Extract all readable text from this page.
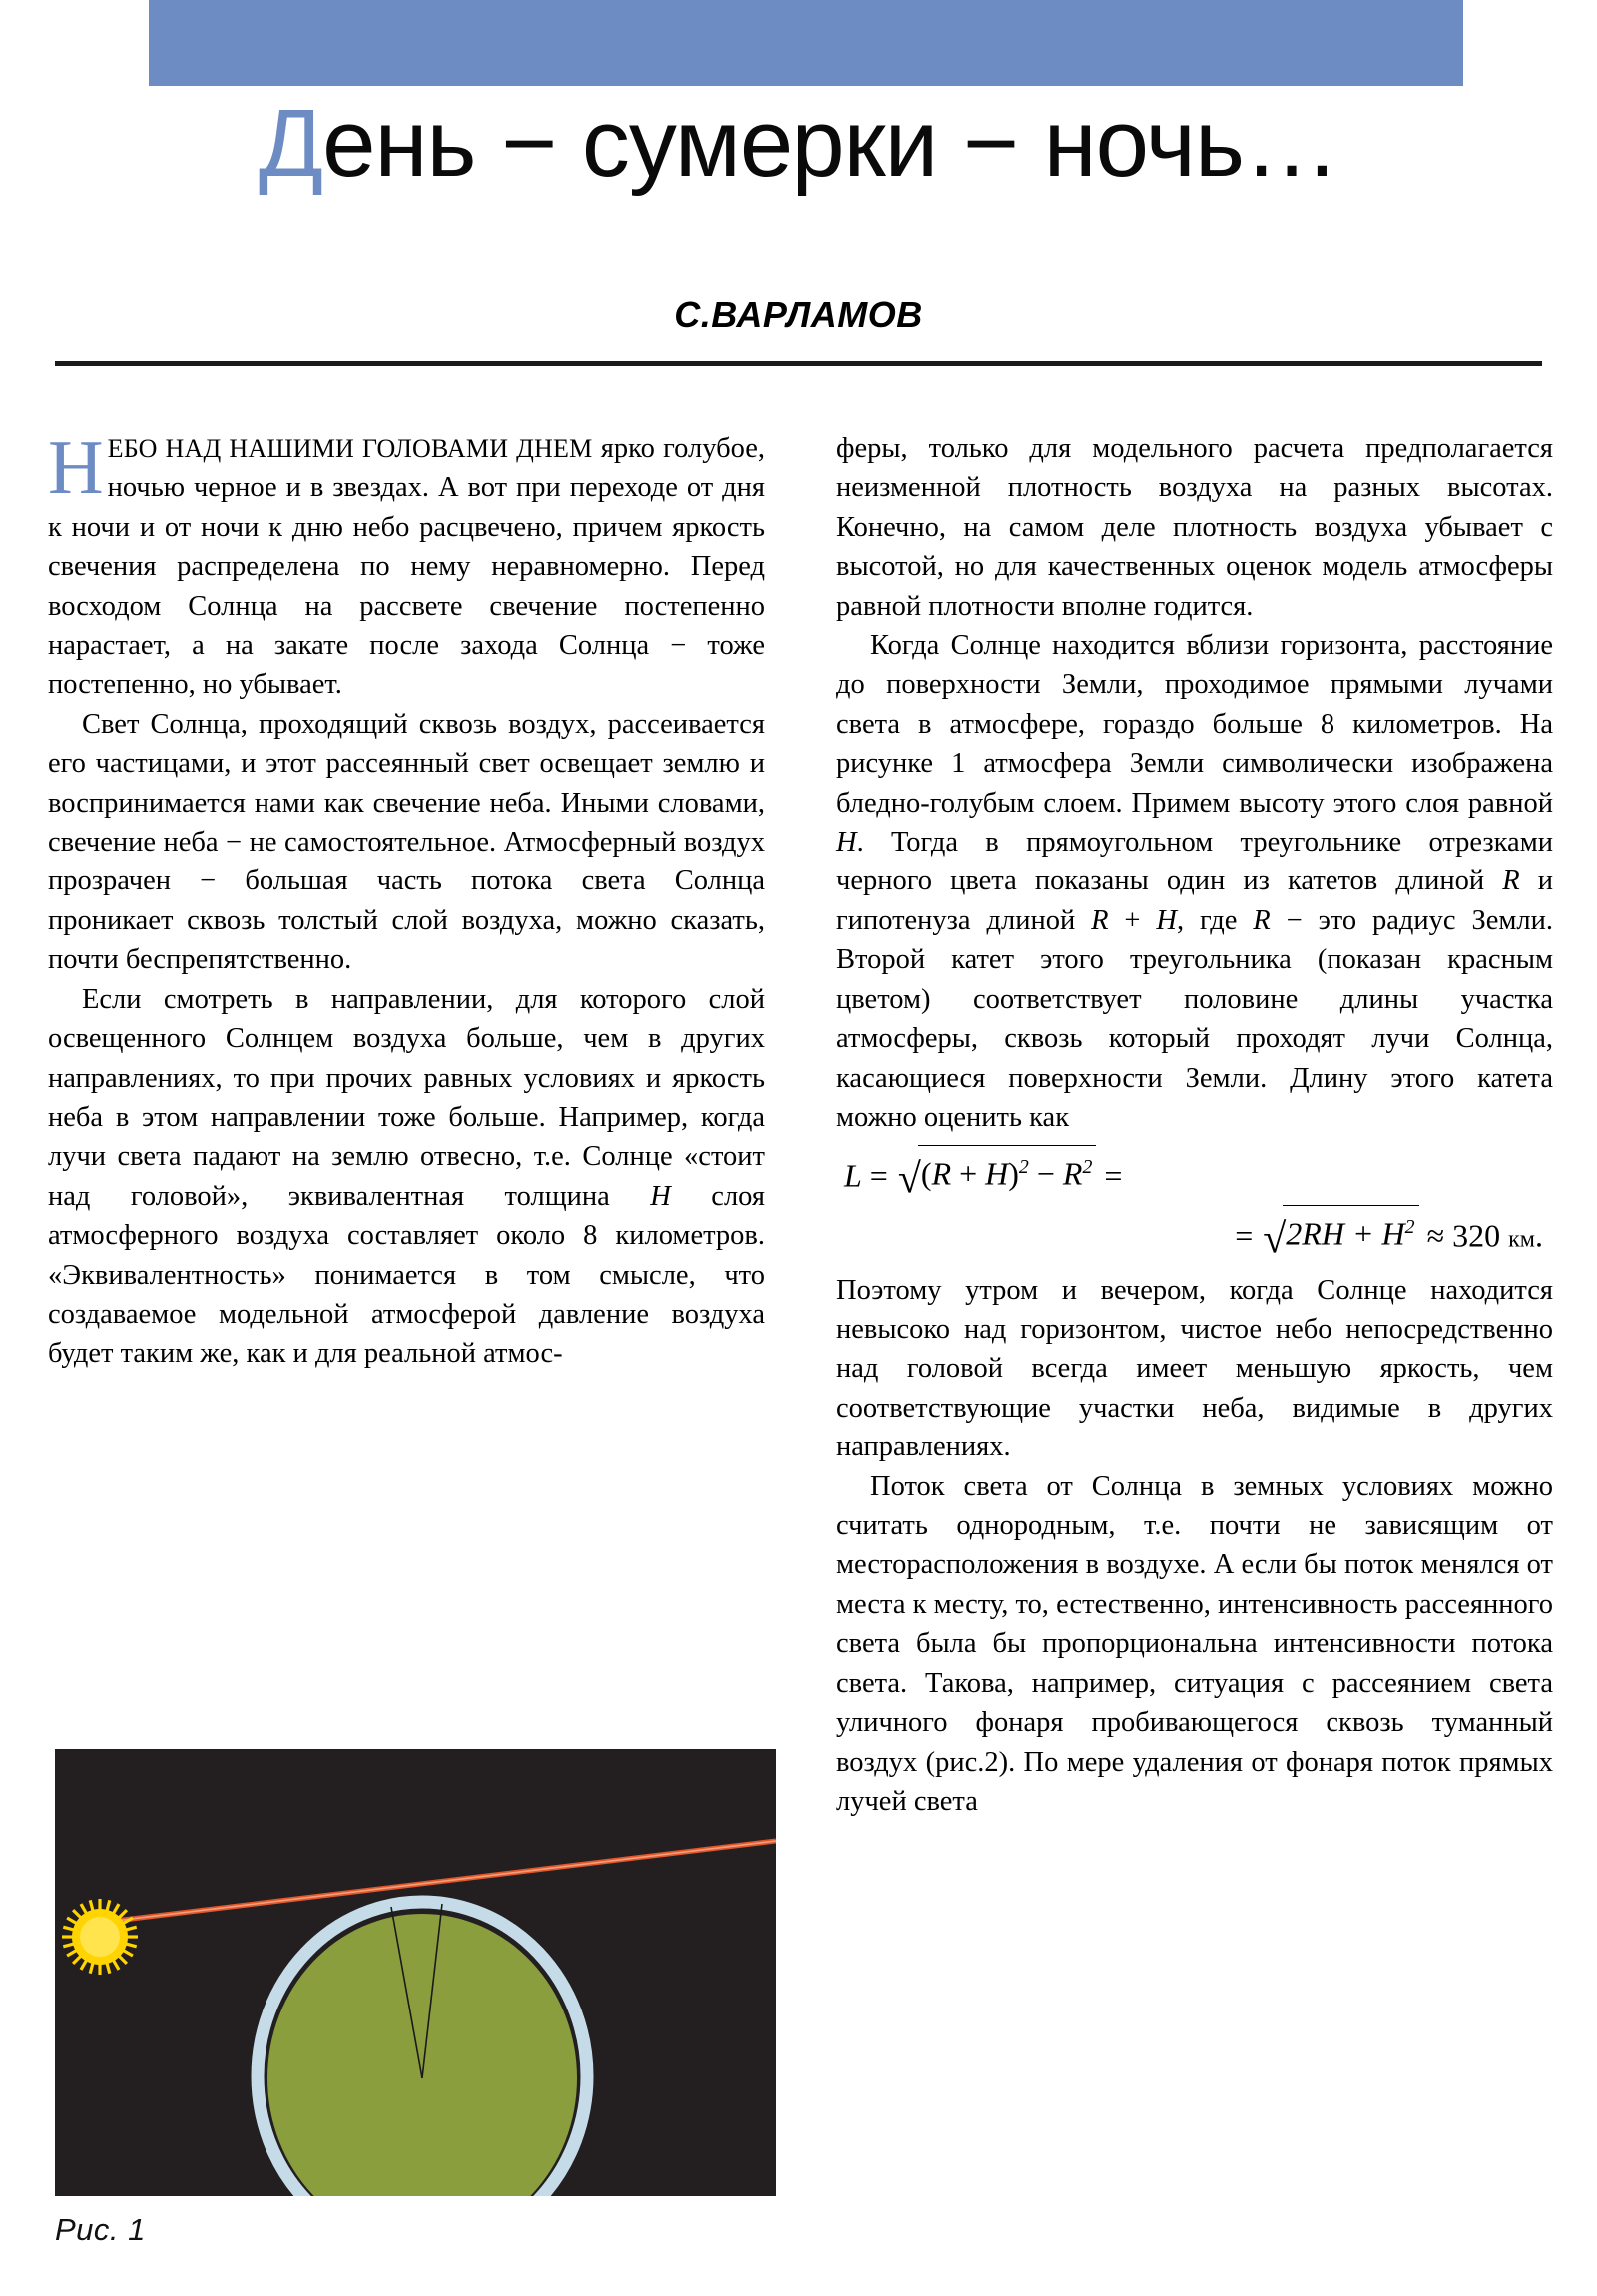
День − сумерки − ночь…
С.ВАРЛАМОВ

НЕБО НАД НАШИМИ ГОЛОВАМИ ДНЕМ ярко голубое, ночью черное и в звездах. А вот при переходе от дня к ночи и от ночи к дню небо расцвечено, причем яркость свечения распределена по нему неравномерно. Перед восходом Солнца на рассвете свечение постепенно нарастает, а на закате после захода Солнца − тоже постепенно, но убывает.

Свет Солнца, проходящий сквозь воздух, рассеивается его частицами, и этот рассеянный свет освещает землю и воспринимается нами как свечение неба. Иными словами, свечение неба − не самостоятельное. Атмосферный воздух прозрачен − большая часть потока света Солнца проникает сквозь толстый слой воздуха, можно сказать, почти беспрепятственно.

Если смотреть в направлении, для которого слой освещенного Солнцем воздуха больше, чем в других направлениях, то при прочих равных условиях и яркость неба в этом направлении тоже больше. Например, когда лучи света падают на землю отвесно, т.е. Солнце «стоит над головой», эквивалентная толщина H слоя атмосферного воздуха составляет около 8 километров. «Эквивалентность» понимается в том смысле, что создаваемое модельной атмосферой давление воздуха будет таким же, как и для реальной атмос-

феры, только для модельного расчета предполагается неизменной плотность воздуха на разных высотах. Конечно, на самом деле плотность воздуха убывает с высотой, но для качественных оценок модель атмосферы равной плотности вполне годится.

Когда Солнце находится вблизи горизонта, расстояние до поверхности Земли, проходимое прямыми лучами света в атмосфере, гораздо больше 8 километров. На рисунке 1 атмосфера Земли символически изображена бледно-голубым слоем. Примем высоту этого слоя равной H. Тогда в прямоугольном треугольнике отрезками черного цвета показаны один из катетов длиной R и гипотенуза длиной R + H, где R − это радиус Земли. Второй катет этого треугольника (показан красным цветом) соответствует половине длины участка атмосферы, сквозь который проходят лучи Солнца, касающиеся поверхности Земли. Длину этого катета можно оценить как

$L = √(R + H)^2 - R^2$ =
= $√2RH + H^2 \approx 320$ км.

Поэтому утром и вечером, когда Солнце находится невысоко над горизонтом, чистое небо непосредственно над головой всегда имеет меньшую яркость, чем соответствующие участки неба, видимые в других направлениях.

Поток света от Солнца в земных условиях можно считать однородным, т.е. почти не зависящим от месторасположения в воздухе. А если бы поток менялся от места к месту, то, естественно, интенсивность рассеянного света была бы пропорциональна интенсивности потока света. Такова, например, ситуация с рассеянием света уличного фонаря пробивающегося сквозь туманный воздух (рис.2). По мере удаления от фонаря поток прямых лучей света

Рис. 1
